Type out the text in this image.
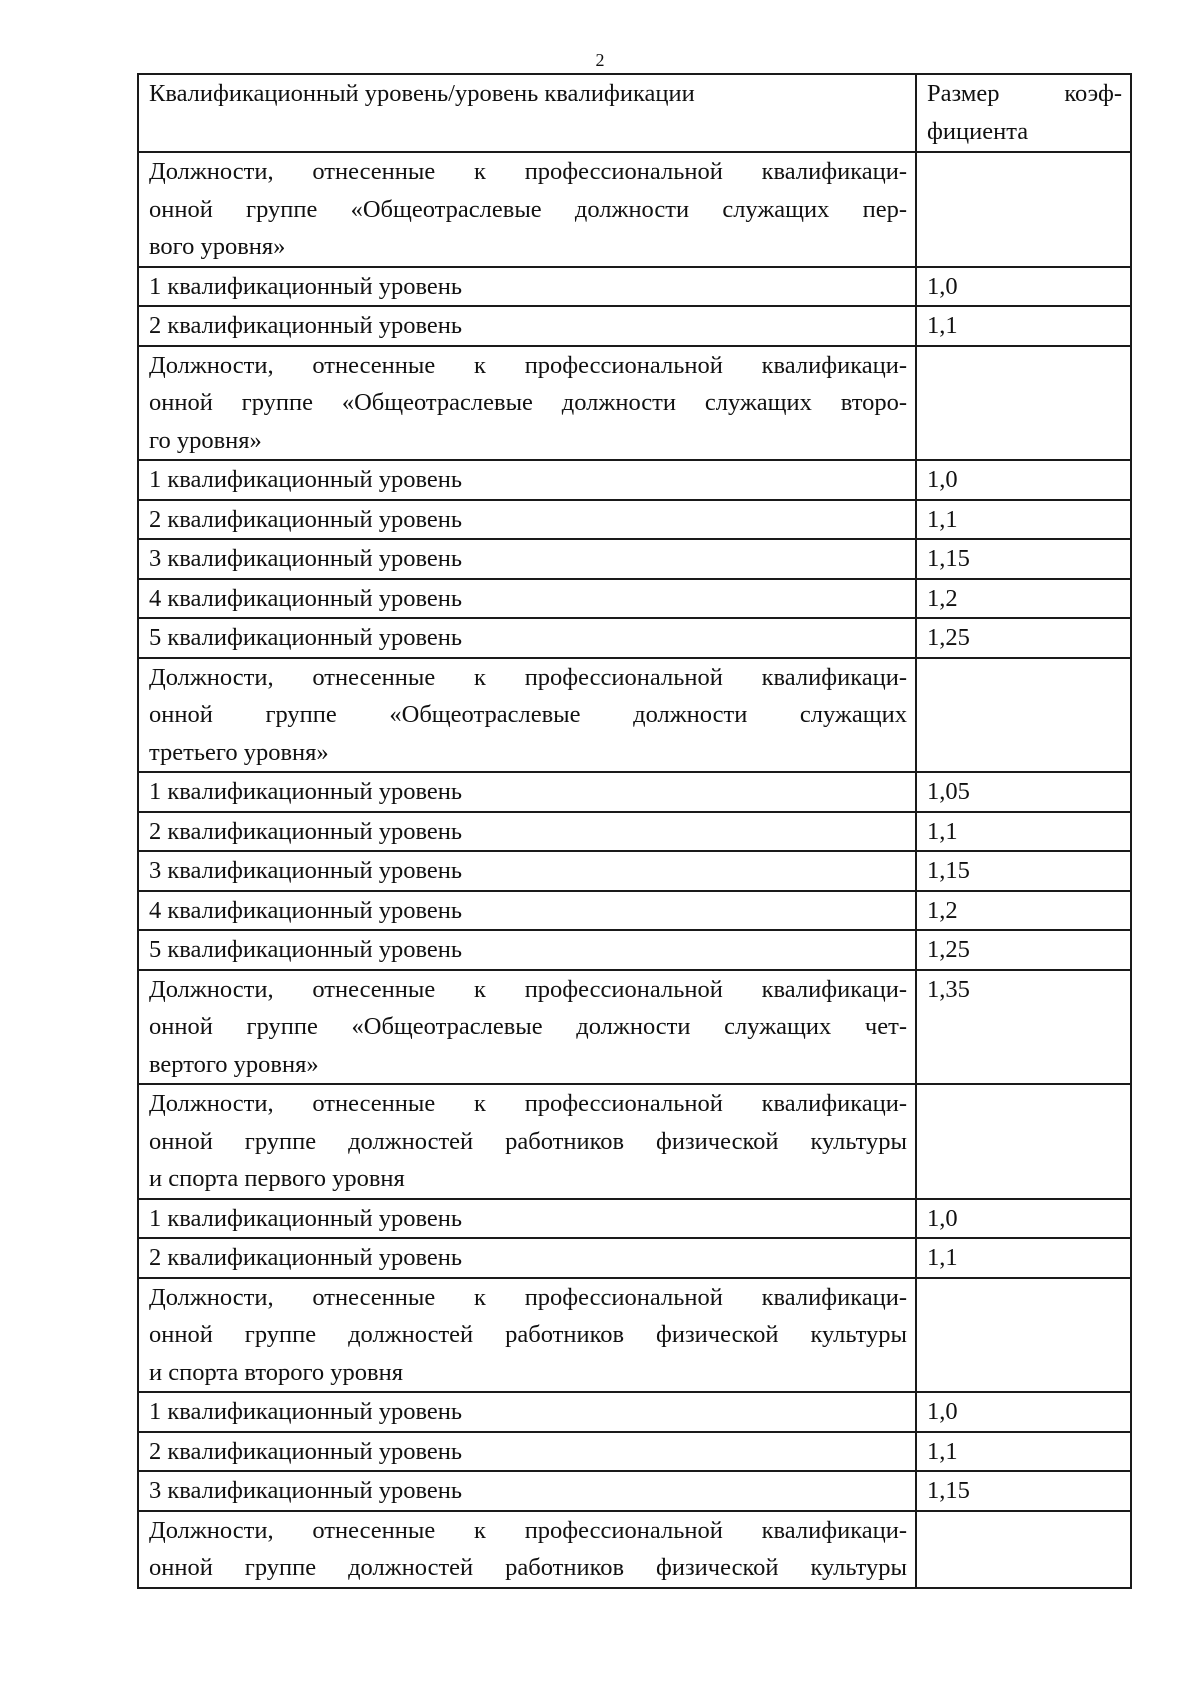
2
Квалификационный уровень/уровень квалификации	Размер коэф-
фициента

Должности, отнесенные к профессиональной квалификаци-
онной группе «Общеотраслевые должности служащих пер-
вого уровня»	

1 квалификационный уровень	1,0
2 квалификационный уровень	1,1

Должности, отнесенные к профессиональной квалификаци-
онной группе «Общеотраслевые должности служащих второ-
го уровня»	

1 квалификационный уровень	1,0
2 квалификационный уровень	1,1
3 квалификационный уровень	1,15
4 квалификационный уровень	1,2
5 квалификационный уровень	1,25

Должности, отнесенные к профессиональной квалификаци-
онной группе «Общеотраслевые должности служащих
третьего уровня»	

1 квалификационный уровень	1,05
2 квалификационный уровень	1,1
3 квалификационный уровень	1,15
4 квалификационный уровень	1,2
5 квалификационный уровень	1,25

Должности, отнесенные к профессиональной квалификаци-
онной группе «Общеотраслевые должности служащих чет-
вертого уровня»	1,35

Должности, отнесенные к профессиональной квалификаци-
онной группе должностей работников физической культуры
и спорта первого уровня	

1 квалификационный уровень	1,0
2 квалификационный уровень	1,1

Должности, отнесенные к профессиональной квалификаци-
онной группе должностей работников физической культуры
и спорта второго уровня	

1 квалификационный уровень	1,0
2 квалификационный уровень	1,1
3 квалификационный уровень	1,15

Должности, отнесенные к профессиональной квалификаци-
онной группе должностей работников физической культуры	
